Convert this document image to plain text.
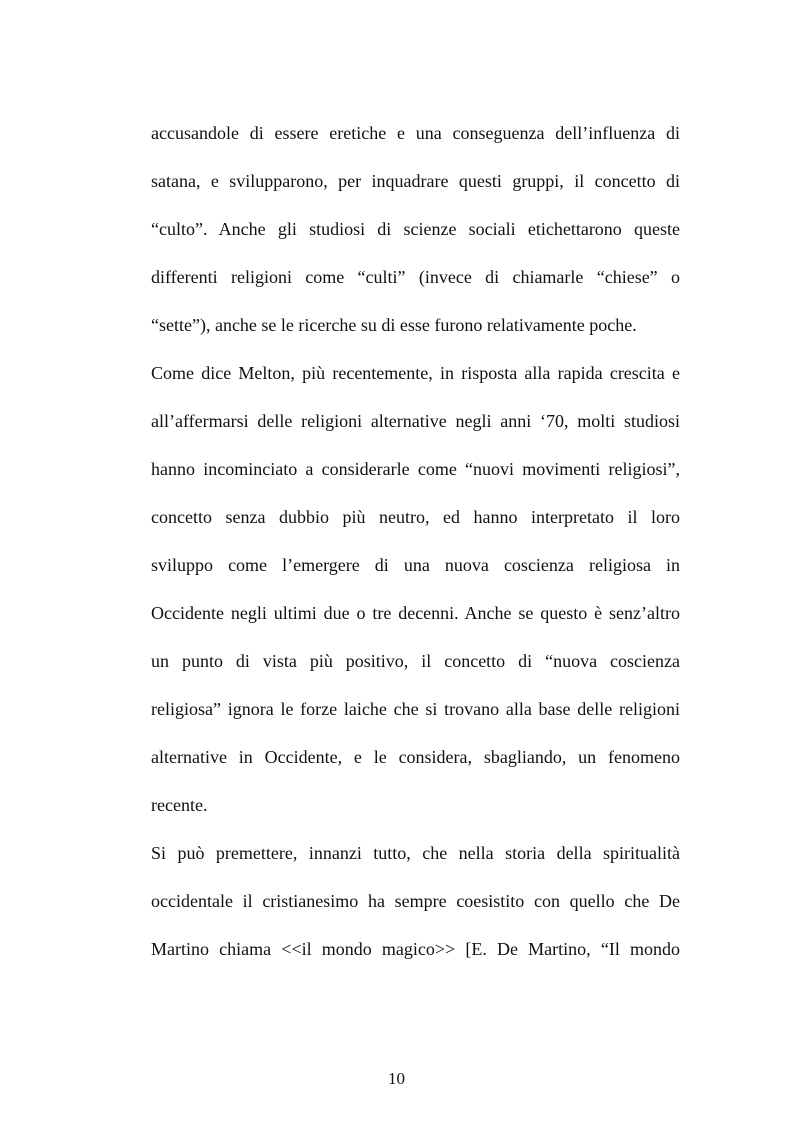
accusandole di essere eretiche e una conseguenza dell’influenza di
satana, e svilupparono, per inquadrare questi gruppi, il concetto di
“culto”. Anche gli studiosi di scienze sociali etichettarono queste
differenti religioni come “culti” (invece di chiamarle “chiese” o
“sette”), anche se le ricerche su di esse furono relativamente poche.
Come dice Melton, più recentemente, in risposta alla rapida crescita e
all’affermarsi delle religioni alternative negli anni ‘70, molti studiosi
hanno incominciato a considerarle come “nuovi movimenti religiosi”,
concetto senza dubbio più neutro, ed hanno interpretato il loro
sviluppo come l’emergere di una nuova coscienza religiosa in
Occidente negli ultimi due o tre decenni. Anche se questo è senz’altro
un punto di vista più positivo, il concetto di “nuova coscienza
religiosa” ignora le forze laiche che si trovano alla base delle religioni
alternative in Occidente, e le considera, sbagliando, un fenomeno
recente.
Si può premettere, innanzi tutto, che nella storia della spiritualità
occidentale il cristianesimo ha sempre coesistito con quello che De
Martino chiama <<il mondo magico>> [E. De Martino, “Il mondo
10
